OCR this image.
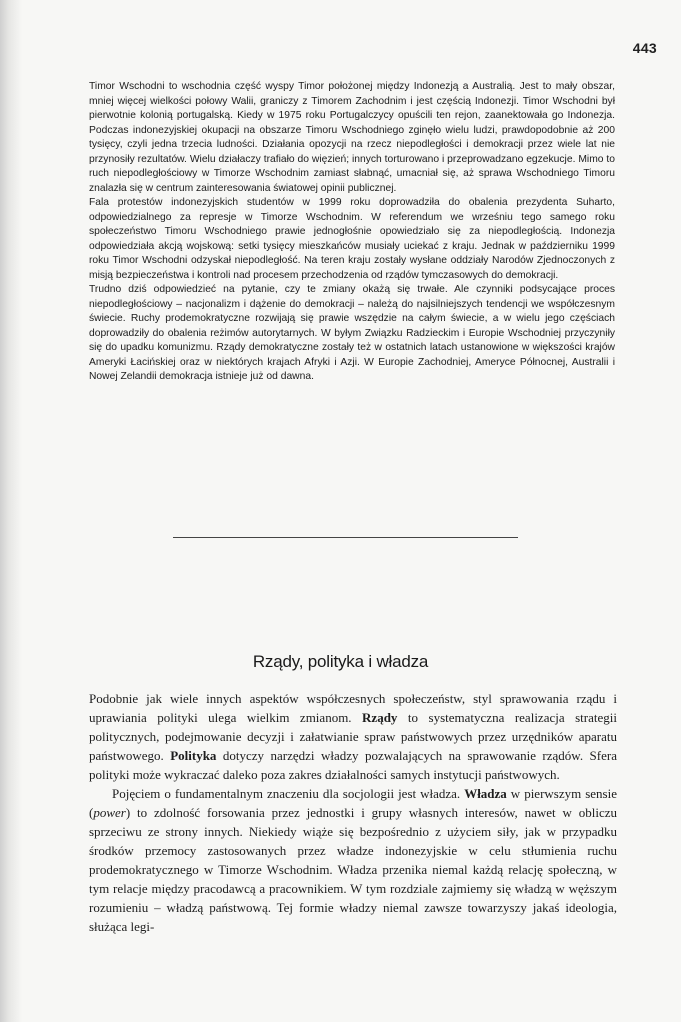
443

Timor Wschodni to wschodnia część wyspy Timor położonej między Indonezją a Australią. Jest to mały obszar, mniej więcej wielkości połowy Walii, graniczy z Timorem Zachodnim i jest częścią Indonezji. Timor Wschodni był pierwotnie kolonią portugalską. Kiedy w 1975 roku Portugalczycy opuścili ten rejon, zaanektowała go Indonezja. Podczas indonezyjskiej okupacji na obszarze Timoru Wschodniego zginęło wielu ludzi, prawdopodobnie aż 200 tysięcy, czyli jedna trzecia ludności. Działania opozycji na rzecz niepodległości i demokracji przez wiele lat nie przynosiły rezultatów. Wielu działaczy trafiało do więzień; innych torturowano i przeprowadzano egzekucje. Mimo to ruch niepodległościowy w Timorze Wschodnim zamiast słabnąć, umacniał się, aż sprawa Wschodniego Timoru znalazła się w centrum zainteresowania światowej opinii publicznej.

Fala protestów indonezyjskich studentów w 1999 roku doprowadziła do obalenia prezydenta Suharto, odpowiedzialnego za represje w Timorze Wschodnim. W referendum we wrześniu tego samego roku społeczeństwo Timoru Wschodniego prawie jednogłośnie opowiedziało się za niepodległością. Indonezja odpowiedziała akcją wojskową: setki tysięcy mieszkańców musiały uciekać z kraju. Jednak w październiku 1999 roku Timor Wschodni odzyskał niepodległość. Na teren kraju zostały wysłane oddziały Narodów Zjednoczonych z misją bezpieczeństwa i kontroli nad procesem przechodzenia od rządów tymczasowych do demokracji.

Trudno dziś odpowiedzieć na pytanie, czy te zmiany okażą się trwałe. Ale czynniki podsycające proces niepodległościowy – nacjonalizm i dążenie do demokracji – należą do najsilniejszych tendencji we współczesnym świecie. Ruchy prodemokratyczne rozwijają się prawie wszędzie na całym świecie, a w wielu jego częściach doprowadziły do obalenia reżimów autorytarnych. W byłym Związku Radzieckim i Europie Wschodniej przyczyniły się do upadku komunizmu. Rządy demokratyczne zostały też w ostatnich latach ustanowione w większości krajów Ameryki Łacińskiej oraz w niektórych krajach Afryki i Azji. W Europie Zachodniej, Ameryce Północnej, Australii i Nowej Zelandii demokracja istnieje już od dawna.

Rządy, polityka i władza

Podobnie jak wiele innych aspektów współczesnych społeczeństw, styl sprawowania rządu i uprawiania polityki ulega wielkim zmianom. Rządy to systematyczna realizacja strategii politycznych, podejmowanie decyzji i załatwianie spraw państwowych przez urzędników aparatu państwowego. Polityka dotyczy narzędzi władzy pozwalających na sprawowanie rządów. Sfera polityki może wykraczać daleko poza zakres działalności samych instytucji państwowych.

Pojęciem o fundamentalnym znaczeniu dla socjologii jest władza. Władza w pierwszym sensie (power) to zdolność forsowania przez jednostki i grupy własnych interesów, nawet w obliczu sprzeciwu ze strony innych. Niekiedy wiąże się bezpośrednio z użyciem siły, jak w przypadku środków przemocy zastosowanych przez władze indonezyjskie w celu stłumienia ruchu prodemokratycznego w Timorze Wschodnim. Władza przenika niemal każdą relację społeczną, w tym relacje między pracodawcą a pracownikiem. W tym rozdziale zajmiemy się władzą w węższym rozumieniu – władzą państwową. Tej formie władzy niemal zawsze towarzyszy jakaś ideologia, służąca legi-
